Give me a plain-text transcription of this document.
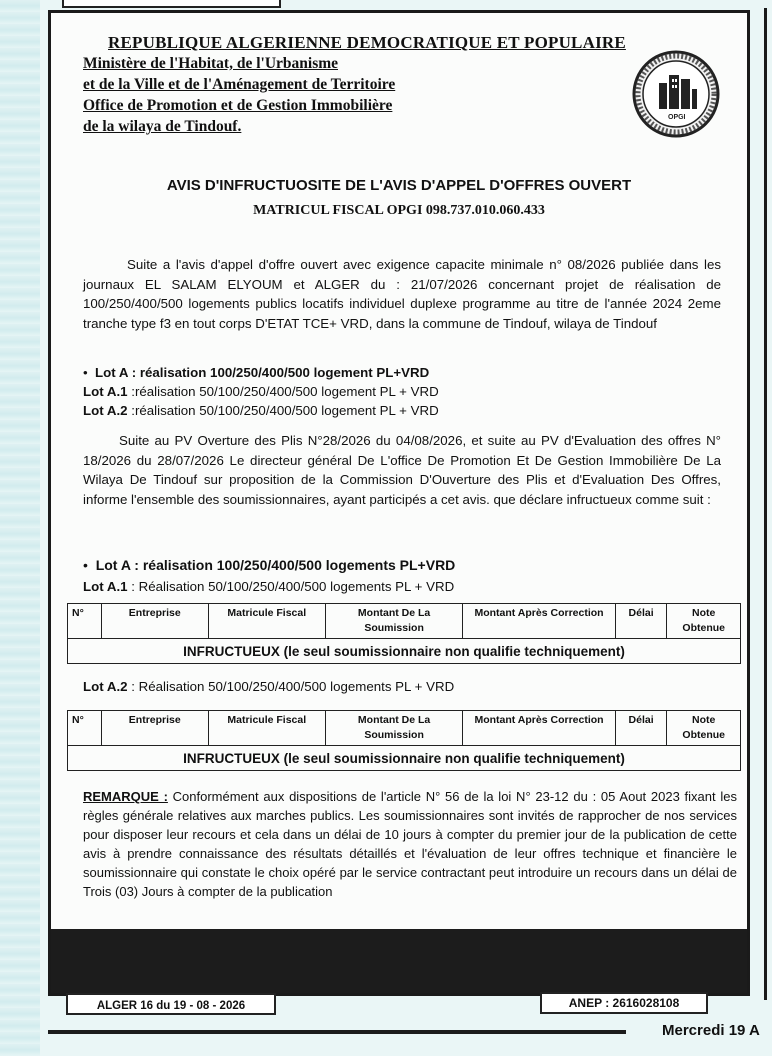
REPUBLIQUE ALGERIENNE DEMOCRATIQUE ET POPULAIRE
Ministère de l'Habitat, de l'Urbanisme
et de la Ville et de l'Aménagement de Territoire
Office de Promotion et de Gestion Immobilière
de la wilaya de Tindouf.
OPGI
AVIS D'INFRUCTUOSITE DE L'AVIS D'APPEL D'OFFRES OUVERT
MATRICUL FISCAL OPGI 098.737.010.060.433
Suite a l'avis d'appel d'offre ouvert avec exigence capacite minimale n° 08/2026 publiée dans les journaux EL SALAM ELYOUM et ALGER du : 21/07/2026 concernant projet de réalisation de 100/250/400/500 logements publics locatifs individuel duplexe programme au titre de l'année 2024 2eme tranche type f3 en tout corps D'ETAT TCE+ VRD, dans la commune de Tindouf, wilaya de Tindouf
•  Lot A : réalisation 100/250/400/500 logement PL+VRD
Lot A.1 :réalisation 50/100/250/400/500 logement PL + VRD
Lot A.2 :réalisation 50/100/250/400/500 logement PL + VRD
Suite au PV Overture des Plis N°28/2026 du 04/08/2026, et suite au PV d'Evaluation des offres N° 18/2026 du 28/07/2026 Le directeur général De L'office De Promotion Et De Gestion Immobilière De La Wilaya De Tindouf sur proposition de la Commission D'Ouverture des Plis et d'Evaluation Des Offres, informe l'ensemble des soumissionnaires, ayant participés a cet avis. que déclare infructueux comme suit :
•  Lot A : réalisation 100/250/400/500 logements PL+VRD
Lot A.1 : Réalisation 50/100/250/400/500 logements PL + VRD
N°	Entreprise	Matricule Fiscal	Montant De La Soumission	Montant Après Correction	Délai	Note Obtenue
INFRUCTUEUX (le seul soumissionnaire non qualifie techniquement)
Lot A.2 : Réalisation 50/100/250/400/500 logements PL + VRD
N°	Entreprise	Matricule Fiscal	Montant De La Soumission	Montant Après Correction	Délai	Note Obtenue
INFRUCTUEUX (le seul soumissionnaire non qualifie techniquement)
REMARQUE : Conformément aux dispositions de l'article N° 56 de la loi N° 23-12 du : 05 Aout 2023 fixant les règles générale relatives aux marches publics. Les soumissionnaires sont invités de rapprocher de nos services pour disposer leur recours et cela dans un délai de 10 jours à compter du premier jour de la publication de cette avis à prendre connaissance des résultats détaillés et l'évaluation de leur offres technique et financière le soumissionnaire qui constate le choix opéré par le service contractant peut introduire un recours dans un délai de Trois (03) Jours à compter de la publication
ALGER 16 du 19 - 08 - 2026	ANEP : 2616028108
Mercredi 19 A
